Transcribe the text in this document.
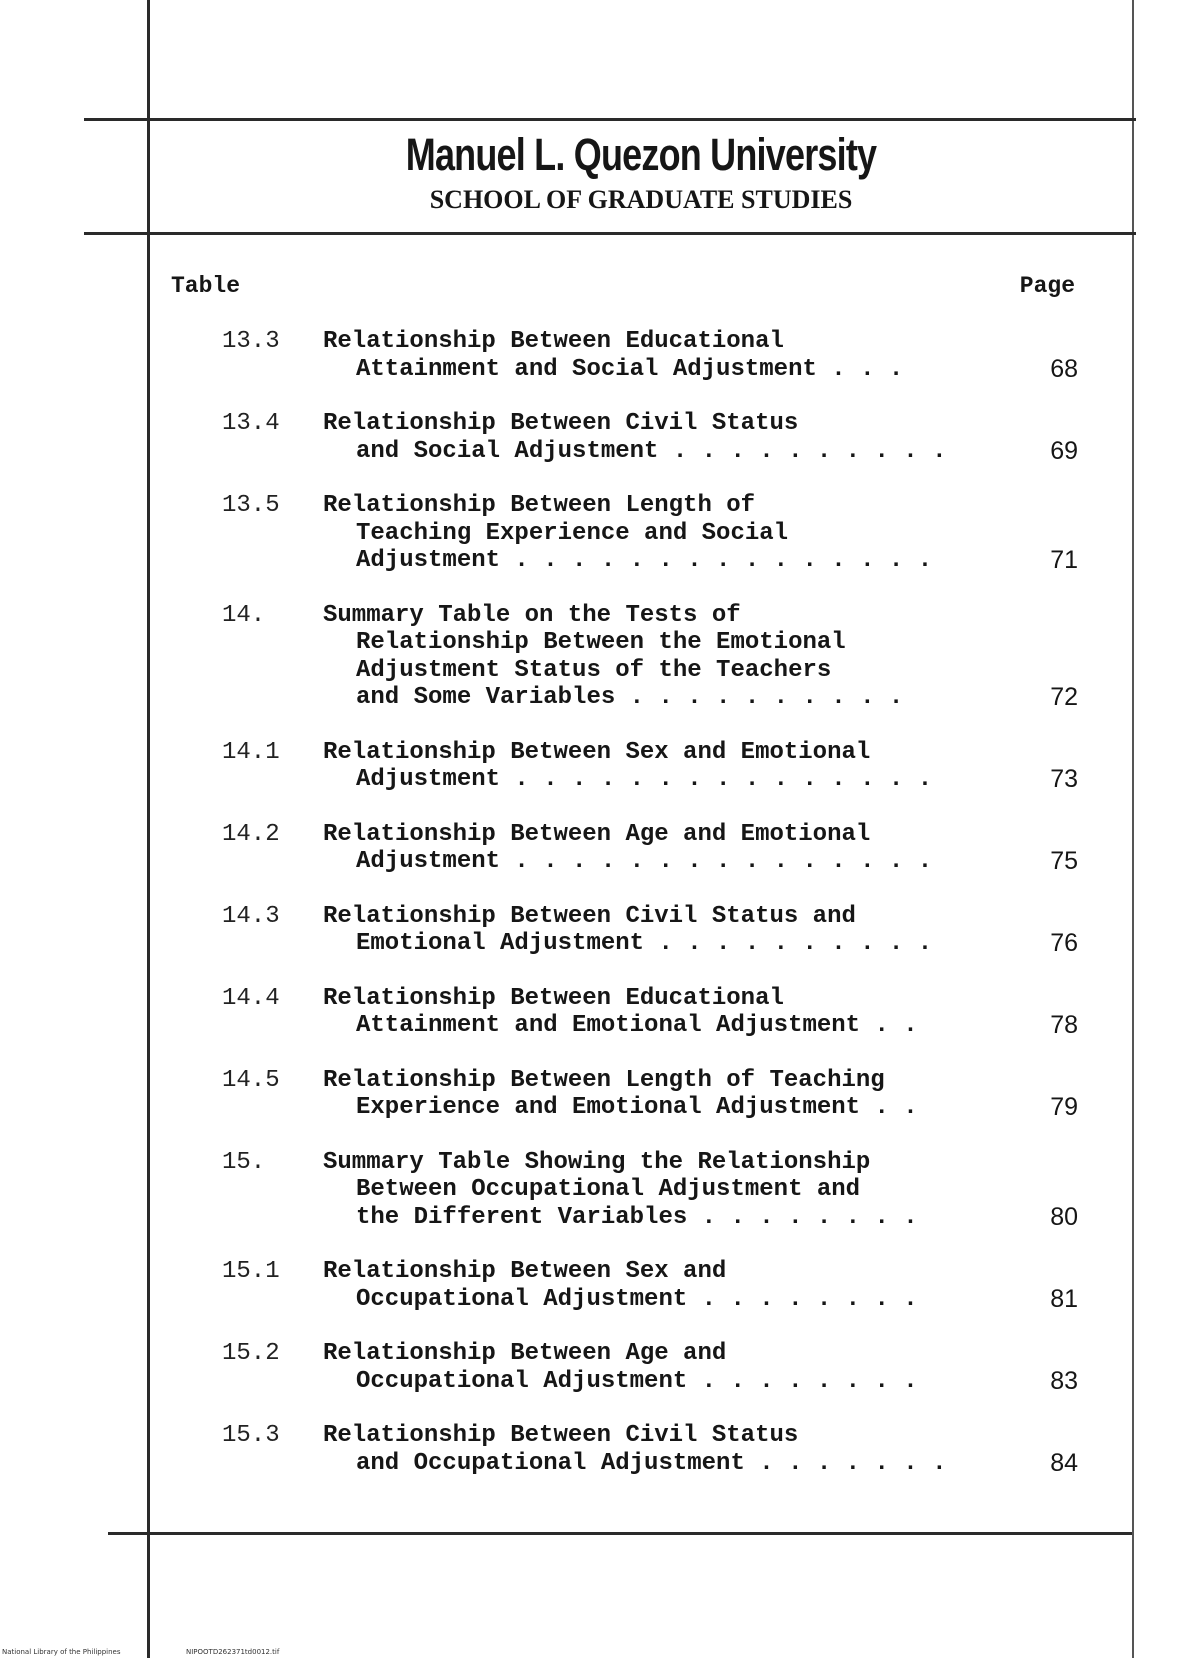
Manuel L. Quezon University

SCHOOL OF GRADUATE STUDIES

Table	Page
13.3 Relationship Between Educational
Attainment and Social Adjustment . . .	68
13.4 Relationship Between Civil Status
and Social Adjustment . . . . . . . . . .	69
13.5 Relationship Between Length of
Teaching Experience and Social
Adjustment . . . . . . . . . . . . . . .	71
14. Summary Table on the Tests of
Relationship Between the Emotional
Adjustment Status of the Teachers
and Some Variables . . . . . . . . . .	72
14.1 Relationship Between Sex and Emotional
Adjustment . . . . . . . . . . . . . . .	73
14.2 Relationship Between Age and Emotional
Adjustment . . . . . . . . . . . . . . .	75
14.3 Relationship Between Civil Status and
Emotional Adjustment . . . . . . . . . .	76
14.4 Relationship Between Educational
Attainment and Emotional Adjustment . .	78
14.5 Relationship Between Length of Teaching
Experience and Emotional Adjustment . .	79
15. Summary Table Showing the Relationship
Between Occupational Adjustment and
the Different Variables . . . . . . . .	80
15.1 Relationship Between Sex and
Occupational Adjustment . . . . . . . .	81
15.2 Relationship Between Age and
Occupational Adjustment . . . . . . . .	83
15.3 Relationship Between Civil Status
and Occupational Adjustment . . . . . . .	84
National Library of the Philippines	NIPOOTD262371td0012.tif
